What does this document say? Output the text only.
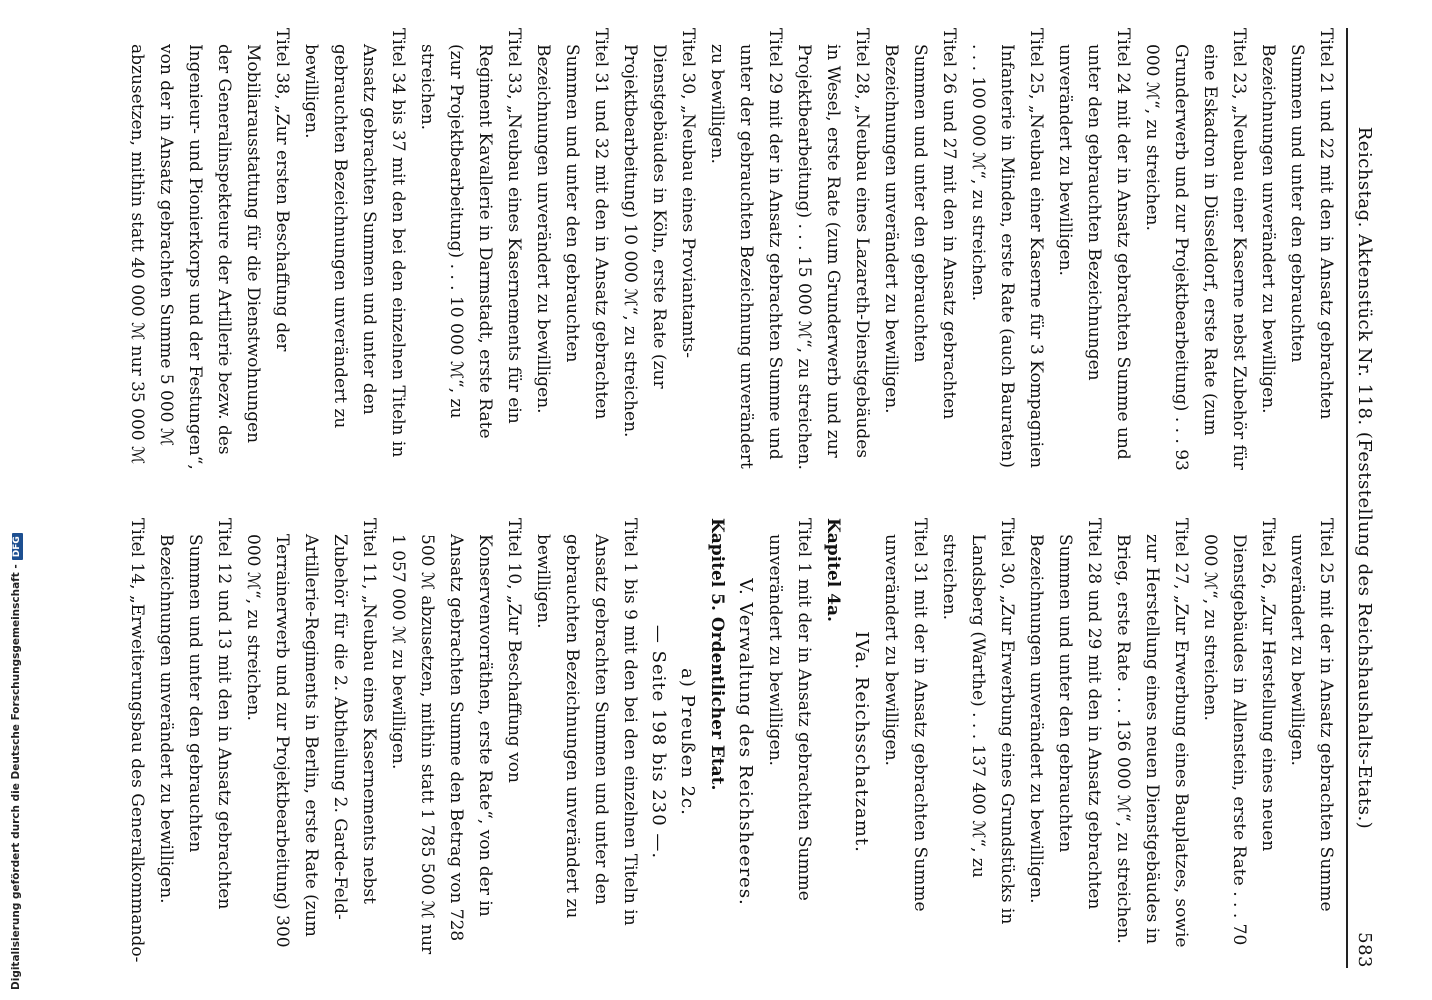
Digitalisierung gefördert durch die Deutsche Forschungsgemeinschaft -DFG	Reichstag. Aktenstück Nr. 118. (Feststellung des Reichshaushalts-Etats.)
583

Titel 21 und 22 mit den in Ansatz gebrachten Summen und unter den gebrauchten Bezeichnungen unverändert zu bewilligen.

Titel 23, „Neubau einer Kaserne nebst Zubehör für eine Eskadron in Düsseldorf, erste Rate (zum Grunderwerb und zur Projektbearbeitung) . . . 93 000 ℳ“, zu streichen.

Titel 24 mit der in Ansatz gebrachten Summe und unter den gebrauchten Bezeichnungen unverändert zu bewilligen.

Titel 25, „Neubau einer Kaserne für 3 Kompagnien Infanterie in Minden, erste Rate (auch Bauraten) . . . 100 000 ℳ“, zu streichen.

Titel 26 und 27 mit den in Ansatz gebrachten Summen und unter den gebrauchten Bezeichnungen unverändert zu bewilligen.

Titel 28, „Neubau eines Lazareth-Dienstgebäudes in Wesel, erste Rate (zum Grunderwerb und zur Projektbearbeitung) . . . 15 000 ℳ“, zu streichen.

Titel 29 mit der in Ansatz gebrachten Summe und unter der gebrauchten Bezeichnung unverändert zu bewilligen.

Titel 30, „Neubau eines Proviantamts-Dienstgebäudes in Köln, erste Rate (zur Projektbearbeitung) 10 000 ℳ“, zu streichen.

Titel 31 und 32 mit den in Ansatz gebrachten Summen und unter den gebrauchten Bezeichnungen unverändert zu bewilligen.

Titel 33, „Neubau eines Kasernements für ein Regiment Kavallerie in Darmstadt, erste Rate (zur Projektbearbeitung) . . . 10 000 ℳ“, zu streichen.

Titel 34 bis 37 mit den bei den einzelnen Titeln in Ansatz gebrachten Summen und unter den gebrauchten Bezeichnungen unverändert zu bewilligen.

Titel 38, „Zur ersten Beschaffung der Mobiliarausstattung für die Dienstwohnungen der Generalinspekteure der Artillerie bezw. des Ingenieur- und Pionierkorps und der Festungen“, von der in Ansatz gebrachten Summe 5 000 ℳ abzusetzen, mithin statt 40 000 ℳ nur 35 000 ℳ

Titel 25 mit der in Ansatz gebrachten Summe unverändert zu bewilligen.

Titel 26, „Zur Herstellung eines neuen Dienstgebäudes in Allenstein, erste Rate . . . 70 000 ℳ“, zu streichen.

Titel 27, „Zur Erwerbung eines Bauplatzes, sowie zur Herstellung eines neuen Dienstgebäudes in Brieg, erste Rate . . . 136 000 ℳ“, zu streichen.

Titel 28 und 29 mit den in Ansatz gebrachten Summen und unter den gebrauchten Bezeichnungen unverändert zu bewilligen.

Titel 30, „Zur Erwerbung eines Grundstücks in Landsberg (Warthe) . . . 137 400 ℳ“, zu streichen.

Titel 31 mit der in Ansatz gebrachten Summe unverändert zu bewilligen.

IVa. Reichsschatzamt.

Kapitel 4a.

Titel 1 mit der in Ansatz gebrachten Summe unverändert zu bewilligen.

V. Verwaltung des Reichsheeres.

Kapitel 5. Ordentlicher Etat.

a) Preußen 2c.

— Seite 198 bis 230 —.

Titel 1 bis 9 mit den bei den einzelnen Titeln in Ansatz gebrachten Summen und unter den gebrauchten Bezeichnungen unverändert zu bewilligen.

Titel 10, „Zur Beschaffung von Konservenvorräthen, erste Rate“, von der in Ansatz gebrachten Summe den Betrag von 728 500 ℳ abzusetzen, mithin statt 1 785 500 ℳ nur 1 057 000 ℳ zu bewilligen.

Titel 11, „Neubau eines Kasernements nebst Zubehör für die 2. Abtheilung 2. Garde-Feld-Artillerie-Regiments in Berlin, erste Rate (zum Terrainerwerb und zur Projektbearbeitung) 300 000 ℳ“, zu streichen.

Titel 12 und 13 mit den in Ansatz gebrachten Summen und unter den gebrauchten Bezeichnungen unverändert zu bewilligen.

Titel 14, „Erweiterungsbau des Generalkommando-
